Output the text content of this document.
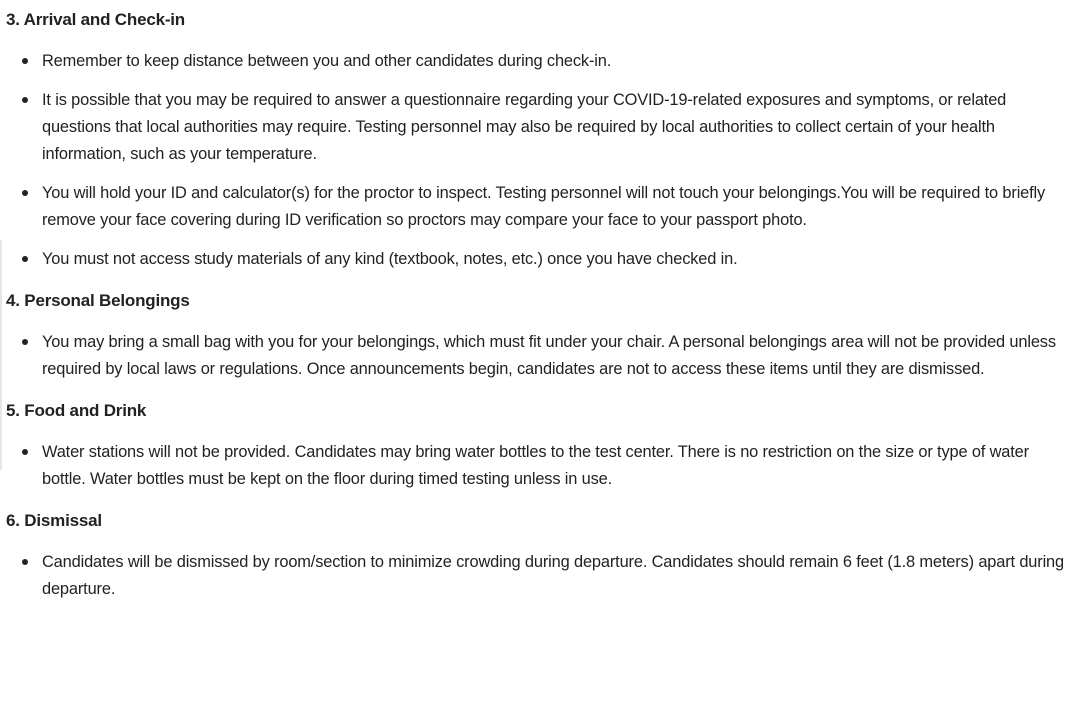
3. Arrival and Check-in
Remember to keep distance between you and other candidates during check-in.
It is possible that you may be required to answer a questionnaire regarding your COVID-19-related exposures and symptoms, or related questions that local authorities may require. Testing personnel may also be required by local authorities to collect certain of your health information, such as your temperature.
You will hold your ID and calculator(s) for the proctor to inspect. Testing personnel will not touch your belongings.You will be required to briefly remove your face covering during ID verification so proctors may compare your face to your passport photo.
You must not access study materials of any kind (textbook, notes, etc.) once you have checked in.
4. Personal Belongings
You may bring a small bag with you for your belongings, which must fit under your chair. A personal belongings area will not be provided unless required by local laws or regulations. Once announcements begin, candidates are not to access these items until they are dismissed.
5. Food and Drink
Water stations will not be provided. Candidates may bring water bottles to the test center. There is no restriction on the size or type of water bottle. Water bottles must be kept on the floor during timed testing unless in use.
6. Dismissal
Candidates will be dismissed by room/section to minimize crowding during departure. Candidates should remain 6 feet (1.8 meters) apart during departure.
